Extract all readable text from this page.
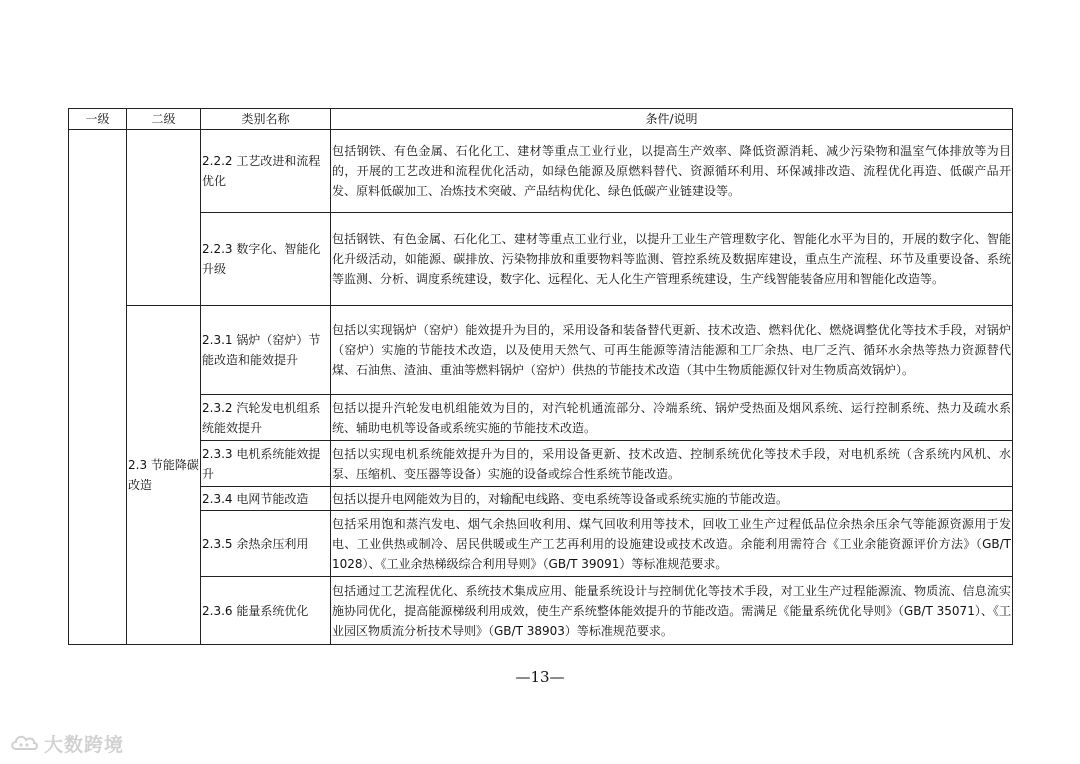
一级	二级	类别名称	条件/说明
		2.2.2 工艺改进和流程优化	包括钢铁、有色金属、石化化工、建材等重点工业行业，以提高生产效率、降低资源消耗、减少污染物和温室气体排放等为目的，开展的工艺改进和流程优化活动，如绿色能源及原燃料替代、资源循环利用、环保减排改造、流程优化再造、低碳产品开发、原料低碳加工、冶炼技术突破、产品结构优化、绿色低碳产业链建设等。
		2.2.3 数字化、智能化升级	包括钢铁、有色金属、石化化工、建材等重点工业行业，以提升工业生产管理数字化、智能化水平为目的，开展的数字化、智能化升级活动，如能源、碳排放、污染物排放和重要物料等监测、管控系统及数据库建设，重点生产流程、环节及重要设备、系统等监测、分析、调度系统建设，数字化、远程化、无人化生产管理系统建设，生产线智能装备应用和智能化改造等。
	2.3 节能降碳改造	2.3.1 锅炉（窑炉）节能改造和能效提升	包括以实现锅炉（窑炉）能效提升为目的，采用设备和装备替代更新、技术改造、燃料优化、燃烧调整优化等技术手段，对锅炉（窑炉）实施的节能技术改造，以及使用天然气、可再生能源等清洁能源和工厂余热、电厂乏汽、循环水余热等热力资源替代煤、石油焦、渣油、重油等燃料锅炉（窑炉）供热的节能技术改造（其中生物质能源仅针对生物质高效锅炉）。
		2.3.2 汽轮发电机组系统能效提升	包括以提升汽轮发电机组能效为目的，对汽轮机通流部分、冷端系统、锅炉受热面及烟风系统、运行控制系统、热力及疏水系统、辅助电机等设备或系统实施的节能技术改造。
		2.3.3 电机系统能效提升	包括以实现电机系统能效提升为目的，采用设备更新、技术改造、控制系统优化等技术手段，对电机系统（含系统内风机、水泵、压缩机、变压器等设备）实施的设备或综合性系统节能改造。
		2.3.4 电网节能改造	包括以提升电网能效为目的，对输配电线路、变电系统等设备或系统实施的节能改造。
		2.3.5 余热余压利用	包括采用饱和蒸汽发电、烟气余热回收利用、煤气回收利用等技术，回收工业生产过程低品位余热余压余气等能源资源用于发电、工业供热或制冷、居民供暖或生产工艺再利用的设施建设或技术改造。余能利用需符合《工业余能资源评价方法》（GB/T 1028）、《工业余热梯级综合利用导则》（GB/T 39091）等标准规范要求。
		2.3.6 能量系统优化	包括通过工艺流程优化、系统技术集成应用、能量系统设计与控制优化等技术手段，对工业生产过程能源流、物质流、信息流实施协同优化，提高能源梯级利用成效，使生产系统整体能效提升的节能改造。需满足《能量系统优化导则》（GB/T 35071）、《工业园区物质流分析技术导则》（GB/T 38903）等标准规范要求。
—13—
大数跨境
